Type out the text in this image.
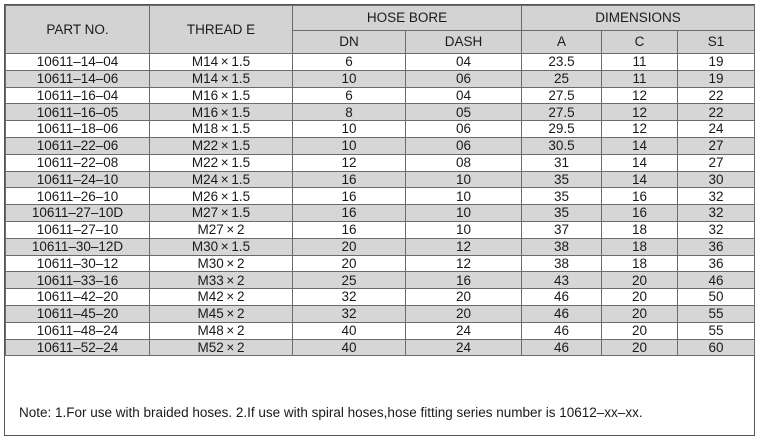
PART NO.	THREAD E	HOSE BORE		DIMENSIONS		
		DN	DASH	A	C	S1
10611–14–04	M14 × 1.5	6	04	23.5	11	19
10611–14–06	M14 × 1.5	10	06	25	11	19
10611–16–04	M16 × 1.5	6	04	27.5	12	22
10611–16–05	M16 × 1.5	8	05	27.5	12	22
10611–18–06	M18 × 1.5	10	06	29.5	12	24
10611–22–06	M22 × 1.5	10	06	30.5	14	27
10611–22–08	M22 × 1.5	12	08	31	14	27
10611–24–10	M24 × 1.5	16	10	35	14	30
10611–26–10	M26 × 1.5	16	10	35	16	32
10611–27–10D	M27 × 1.5	16	10	35	16	32
10611–27–10	M27 × 2	16	10	37	18	32
10611–30–12D	M30 × 1.5	20	12	38	18	36
10611–30–12	M30 × 2	20	12	38	18	36
10611–33–16	M33 × 2	25	16	43	20	46
10611–42–20	M42 × 2	32	20	46	20	50
10611–45–20	M45 × 2	32	20	46	20	55
10611–48–24	M48 × 2	40	24	46	20	55
10611–52–24	M52 × 2	40	24	46	20	60
Note: 1.For use with braided hoses. 2.If use with spiral hoses,hose fitting series number is 10612–xx–xx.
